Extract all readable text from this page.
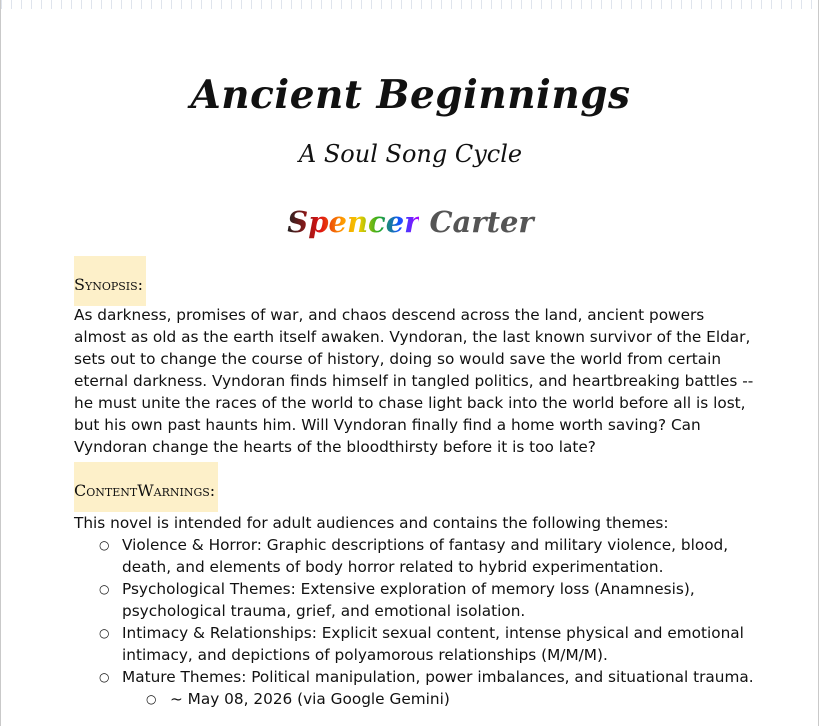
Ancient Beginnings
A Soul Song Cycle
Spencer Carter
Synopsis:
As darkness, promises of war, and chaos descend across the land, ancient powers almost as old as the earth itself awaken. Vyndoran, the last known survivor of the Eldar, sets out to change the course of history, doing so would save the world from certain eternal darkness. Vyndoran finds himself in tangled politics, and heartbreaking battles -- he must unite the races of the world to chase light back into the world before all is lost, but his own past haunts him. Will Vyndoran finally find a home worth saving? Can Vyndoran change the hearts of the bloodthirsty before it is too late?
ContentWarnings:
This novel is intended for adult audiences and contains the following themes:
○ Violence & Horror: Graphic descriptions of fantasy and military violence, blood, death, and elements of body horror related to hybrid experimentation.
○ Psychological Themes: Extensive exploration of memory loss (Anamnesis), psychological trauma, grief, and emotional isolation.
○ Intimacy & Relationships: Explicit sexual content, intense physical and emotional intimacy, and depictions of polyamorous relationships (M/M/M).
○ Mature Themes: Political manipulation, power imbalances, and situational trauma.
○ ~ May 08, 2026 (via Google Gemini)
